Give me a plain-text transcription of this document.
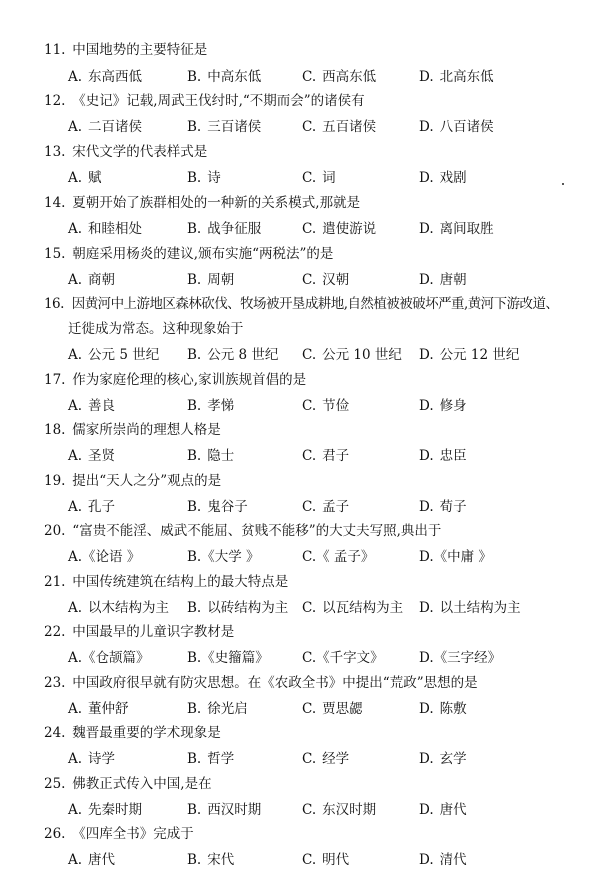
11. 中国地势的主要特征是
A. 东高西低	B. 中高东低	C. 西高东低	D. 北高东低
12. 《史记》记载,周武王伐纣时,“不期而会”的诸侯有
A. 二百诸侯	B. 三百诸侯	C. 五百诸侯	D. 八百诸侯
13. 宋代文学的代表样式是
A. 赋	B. 诗	C. 词	D. 戏剧
14. 夏朝开始了族群相处的一种新的关系模式,那就是
A. 和睦相处	B. 战争征服	C. 遣使游说	D. 离间取胜
15. 朝庭采用杨炎的建议,颁布实施“两税法”的是
A. 商朝	B. 周朝	C. 汉朝	D. 唐朝
16. 因黄河中上游地区森林砍伐、牧场被开垦成耕地,自然植被被破坏严重,黄河下游改道、
迁徙成为常态。这种现象始于
A. 公元 5 世纪 B. 公元 8 世纪 C. 公元 10 世纪 D. 公元 12 世纪
17. 作为家庭伦理的核心,家训族规首倡的是
A. 善良	B. 孝悌	C. 节俭	D. 修身
18. 儒家所崇尚的理想人格是
A. 圣贤	B. 隐士	C. 君子	D. 忠臣
19. 提出“天人之分”观点的是
A. 孔子	B. 鬼谷子	C. 孟子	D. 荀子
20. “富贵不能淫、威武不能屈、贫贱不能移”的大丈夫写照,典出于
A.《论语 》	B.《大学 》	C.《 孟子》	D.《中庸 》
21. 中国传统建筑在结构上的最大特点是
A. 以木结构为主 B. 以砖结构为主 C. 以瓦结构为主 D. 以土结构为主
22. 中国最早的儿童识字教材是
A.《仓颉篇》	B.《史籀篇》 C.《千字文》	D.《三字经》
23. 中国政府很早就有防灾思想。在《农政全书》中提出“荒政”思想的是
A. 董仲舒	B. 徐光启	C. 贾思勰	D. 陈敷
24. 魏晋最重要的学术现象是
A. 诗学	B. 哲学	C. 经学	D. 玄学
25. 佛教正式传入中国,是在
A. 先秦时期	B. 西汉时期	C. 东汉时期	D. 唐代
26. 《四库全书》完成于
A. 唐代	B. 宋代	C. 明代	D. 清代
